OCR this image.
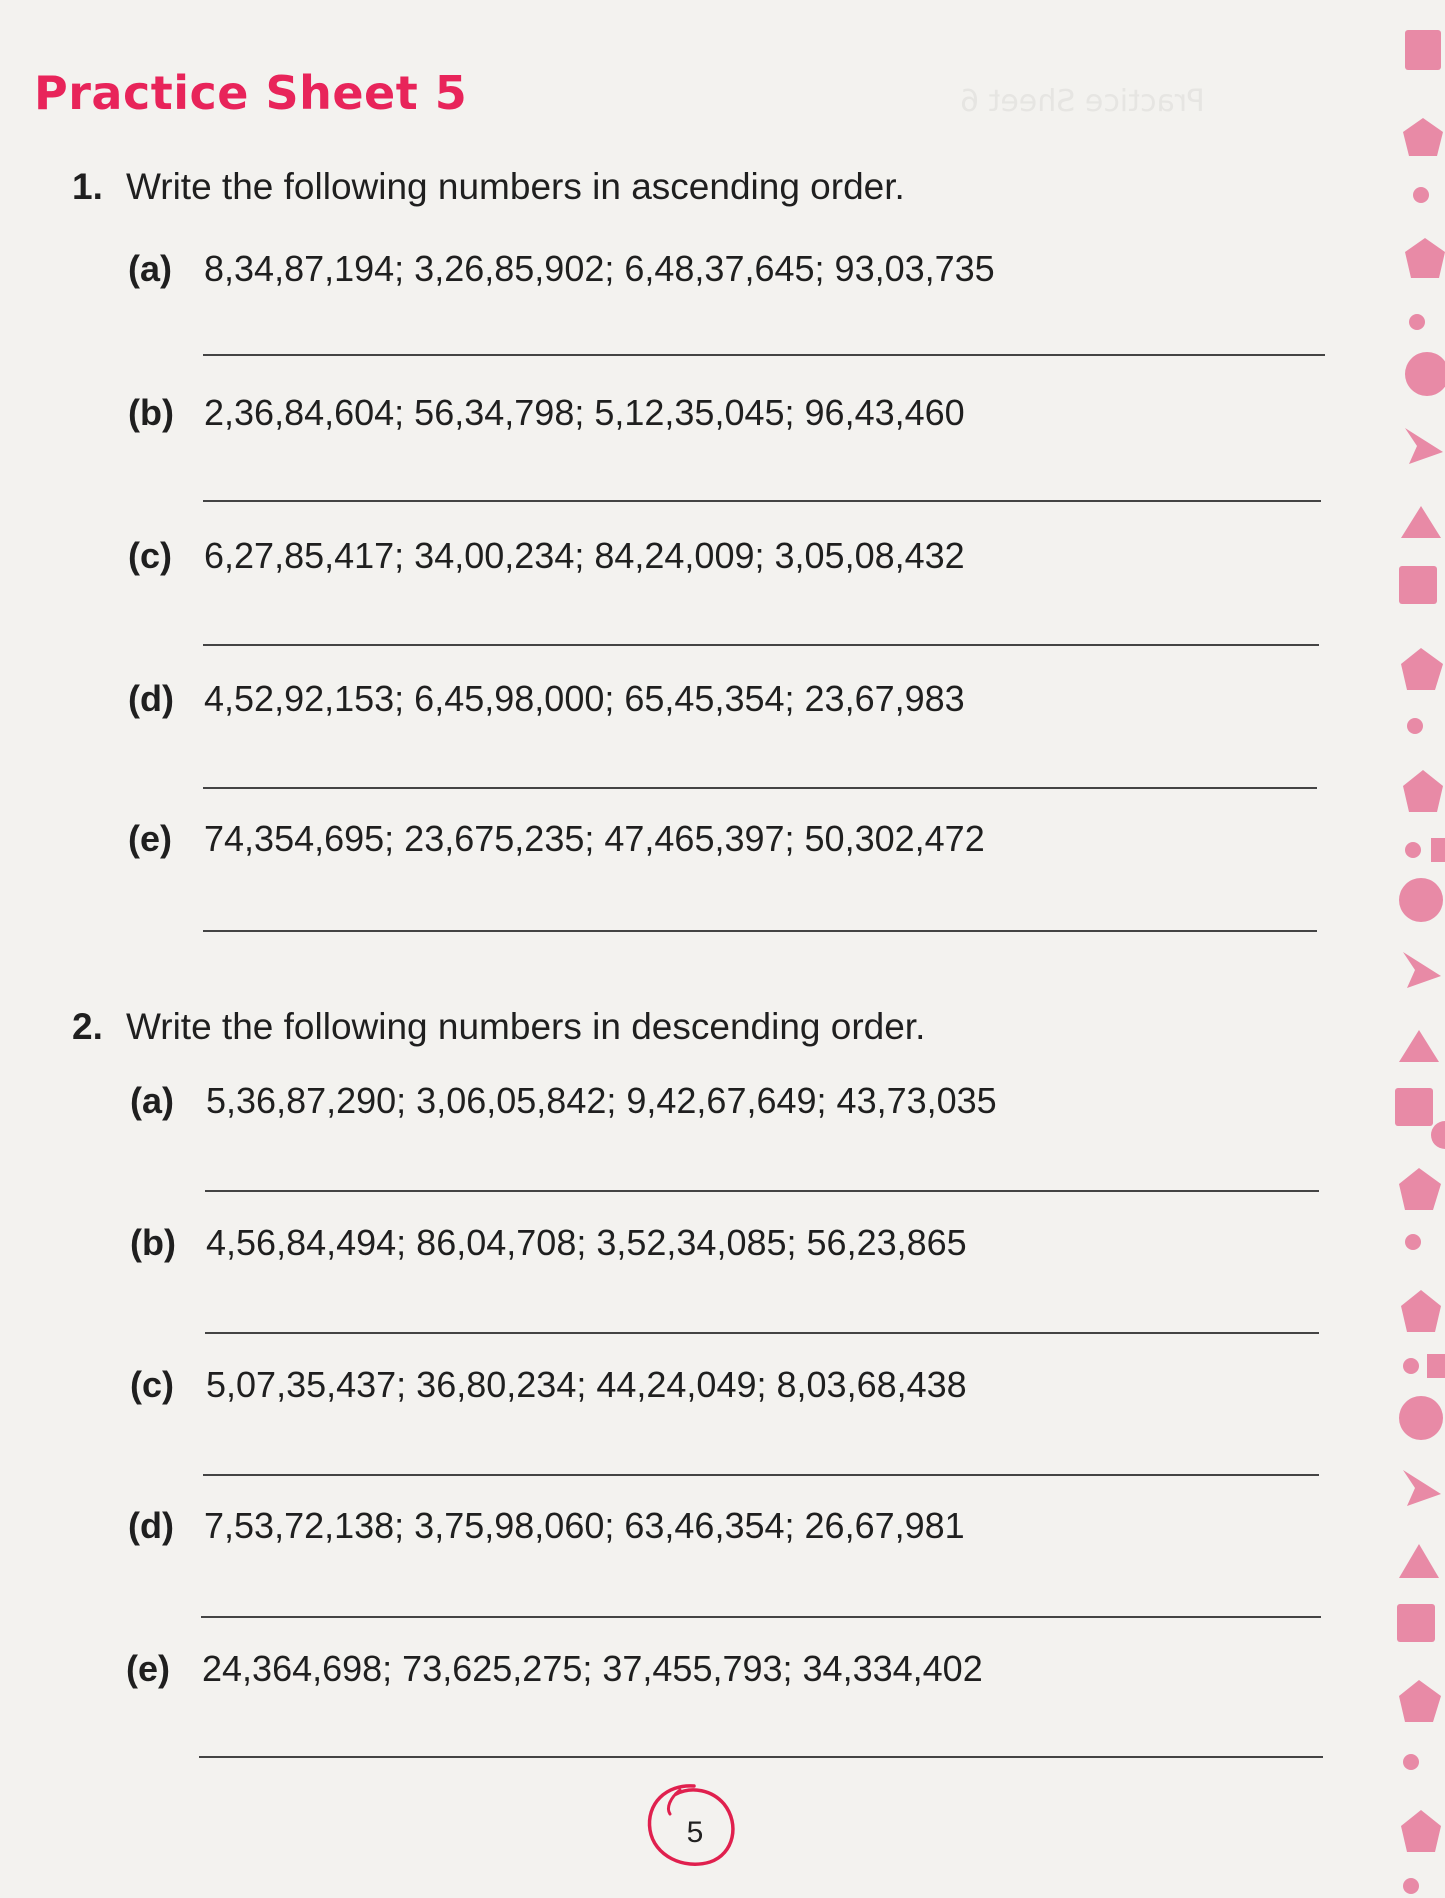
Practice Sheet 6
Practice Sheet 5
1. Write the following numbers in ascending order.
(a) 8,34,87,194; 3,26,85,902; 6,48,37,645; 93,03,735
(b) 2,36,84,604; 56,34,798; 5,12,35,045; 96,43,460
(c) 6,27,85,417; 34,00,234; 84,24,009; 3,05,08,432
(d) 4,52,92,153; 6,45,98,000; 65,45,354; 23,67,983
(e) 74,354,695; 23,675,235; 47,465,397; 50,302,472
2. Write the following numbers in descending order.
(a) 5,36,87,290; 3,06,05,842; 9,42,67,649; 43,73,035
(b) 4,56,84,494; 86,04,708; 3,52,34,085; 56,23,865
(c) 5,07,35,437; 36,80,234; 44,24,049; 8,03,68,438
(d) 7,53,72,138; 3,75,98,060; 63,46,354; 26,67,981
(e) 24,364,698; 73,625,275; 37,455,793; 34,334,402
5
